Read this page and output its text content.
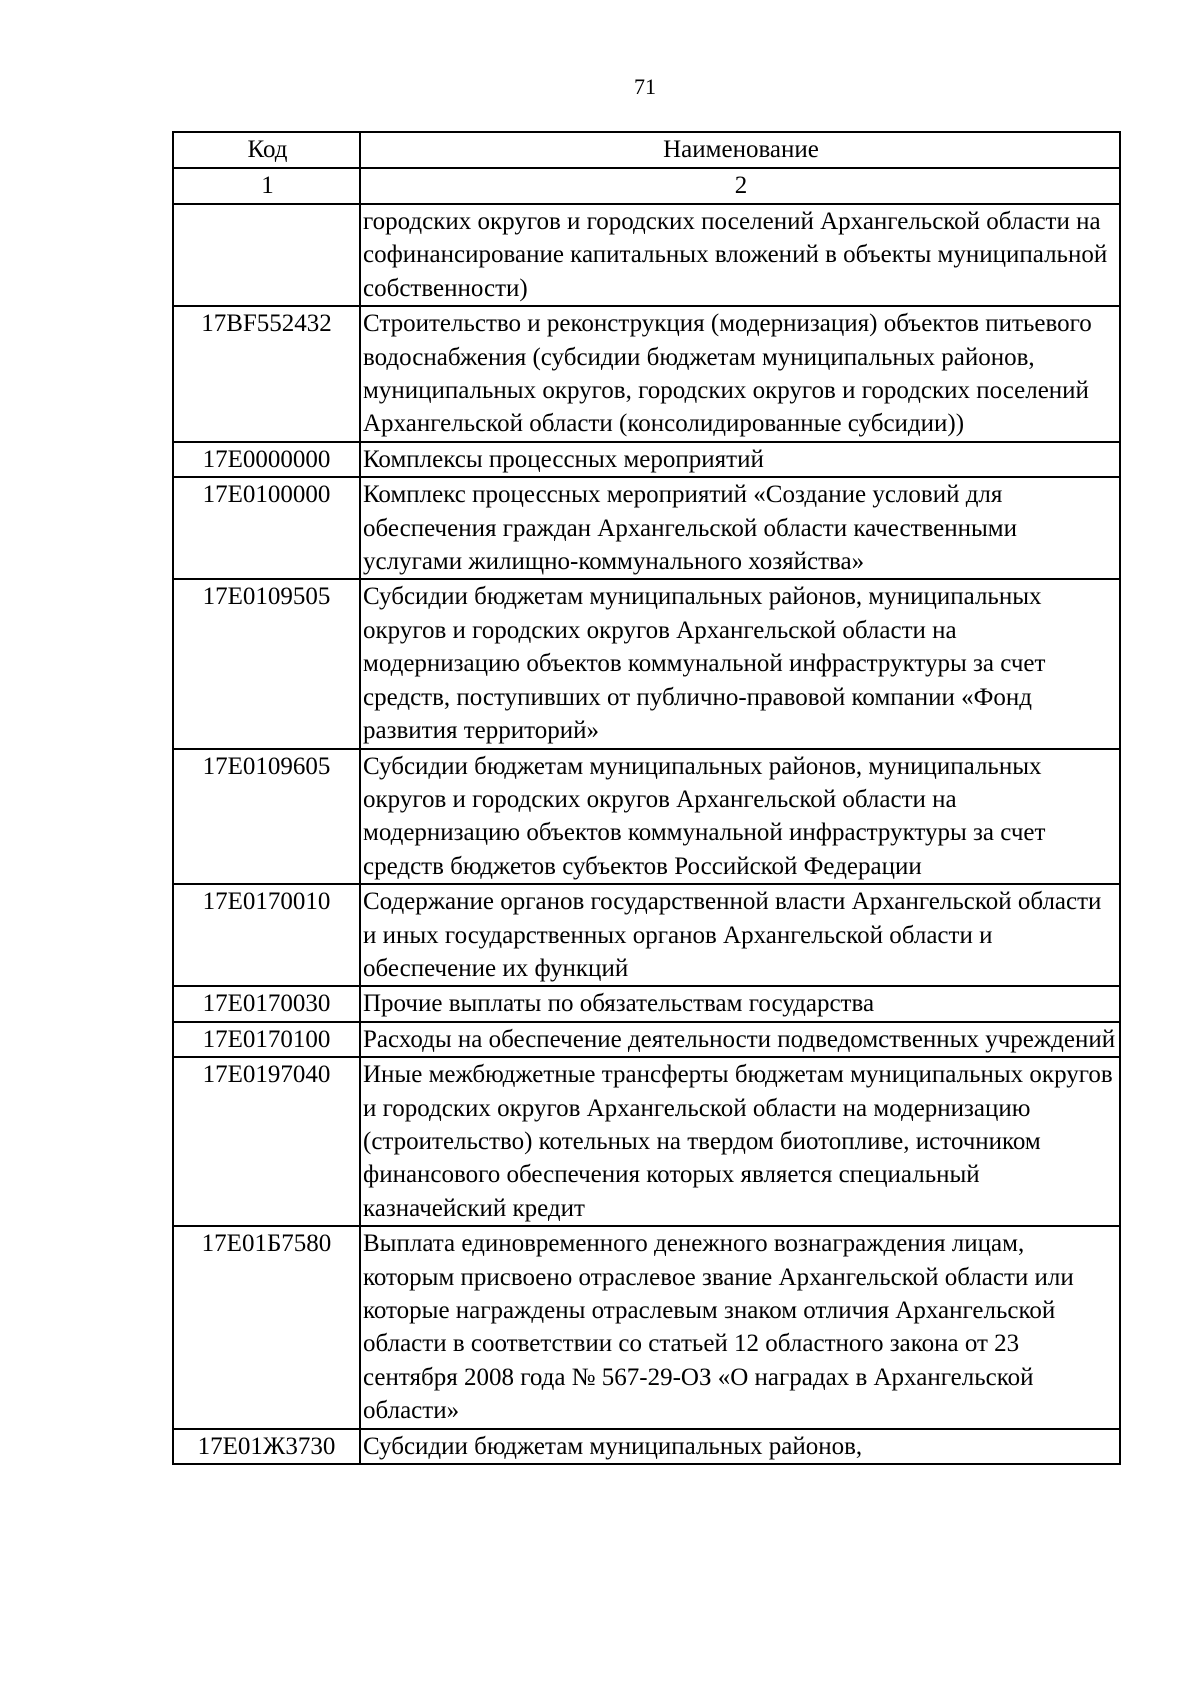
71
Код	Наименование
1	2
	городских округов и городских поселений Архангельской области на софинансирование капитальных вложений в объекты муниципальной собственности)
17BF552432	Строительство и реконструкция (модернизация) объектов питьевого водоснабжения (субсидии бюджетам муниципальных районов, муниципальных округов, городских округов и городских поселений Архангельской области (консолидированные субсидии))
17Е0000000	Комплексы процессных мероприятий
17Е0100000	Комплекс процессных мероприятий «Создание условий для обеспечения граждан Архангельской области качественными услугами жилищно-коммунального хозяйства»
17Е0109505	Субсидии бюджетам муниципальных районов, муниципальных округов и городских округов Архангельской области на модернизацию объектов коммунальной инфраструктуры за счет средств, поступивших от публично-правовой компании «Фонд развития территорий»
17Е0109605	Субсидии бюджетам муниципальных районов, муниципальных округов и городских округов Архангельской области на модернизацию объектов коммунальной инфраструктуры за счет средств бюджетов субъектов Российской Федерации
17Е0170010	Содержание органов государственной власти Архангельской области и иных государственных органов Архангельской области и обеспечение их функций
17Е0170030	Прочие выплаты по обязательствам государства
17Е0170100	Расходы на обеспечение деятельности подведомственных учреждений
17Е0197040	Иные межбюджетные трансферты бюджетам муниципальных округов и городских округов Архангельской области на модернизацию (строительство) котельных на твердом биотопливе, источником финансового обеспечения которых является специальный казначейский кредит
17Е01Б7580	Выплата единовременного денежного вознаграждения лицам, которым присвоено отраслевое звание Архангельской области или которые награждены отраслевым знаком отличия Архангельской области в соответствии со статьей 12 областного закона от 23 сентября 2008 года № 567-29-ОЗ «О наградах в Архангельской области»
17Е01Ж3730	Субсидии бюджетам муниципальных районов,
